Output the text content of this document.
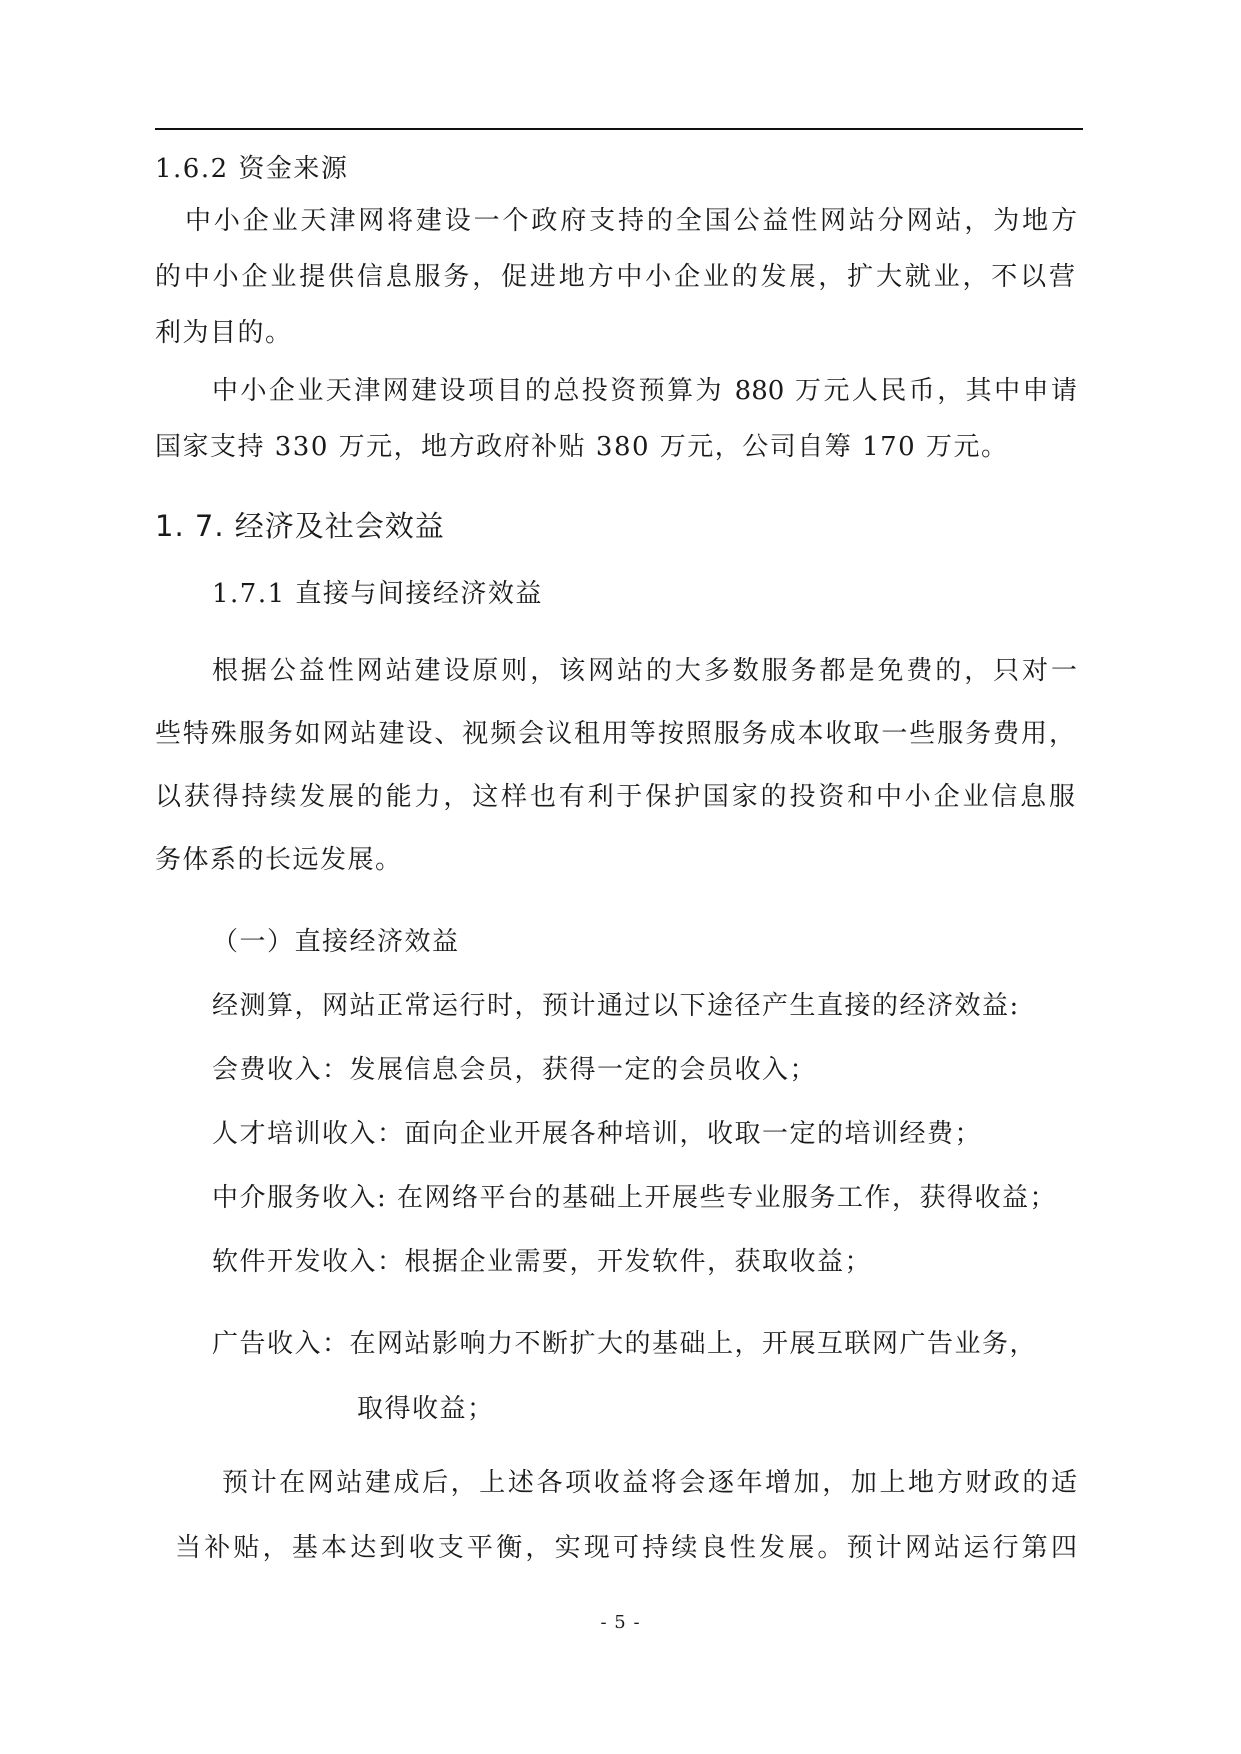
1.6.2 资金来源
中小企业天津网将建设一个政府支持的全国公益性网站分网站，为地方
的中小企业提供信息服务，促进地方中小企业的发展，扩大就业，不以营
利为目的。
中小企业天津网建设项目的总投资预算为 880 万元人民币，其中申请
国家支持 330 万元，地方政府补贴 380 万元，公司自筹 170 万元。
1. 7. 经济及社会效益
1.7.1 直接与间接经济效益
根据公益性网站建设原则，该网站的大多数服务都是免费的，只对一
些特殊服务如网站建设、视频会议租用等按照服务成本收取一些服务费用，
以获得持续发展的能力，这样也有利于保护国家的投资和中小企业信息服
务体系的长远发展。
（一）直接经济效益
经测算，网站正常运行时，预计通过以下途径产生直接的经济效益:
会费收入：发展信息会员，获得一定的会员收入；
人才培训收入：面向企业开展各种培训，收取一定的培训经费；
中介服务收入: 在网络平台的基础上开展些专业服务工作，获得收益；
软件开发收入：根据企业需要，开发软件，获取收益；
广告收入：在网站影响力不断扩大的基础上，开展互联网广告业务，
取得收益；
预计在网站建成后，上述各项收益将会逐年增加，加上地方财政的适
当补贴，基本达到收支平衡，实现可持续良性发展。预计网站运行第四
- 5 -
